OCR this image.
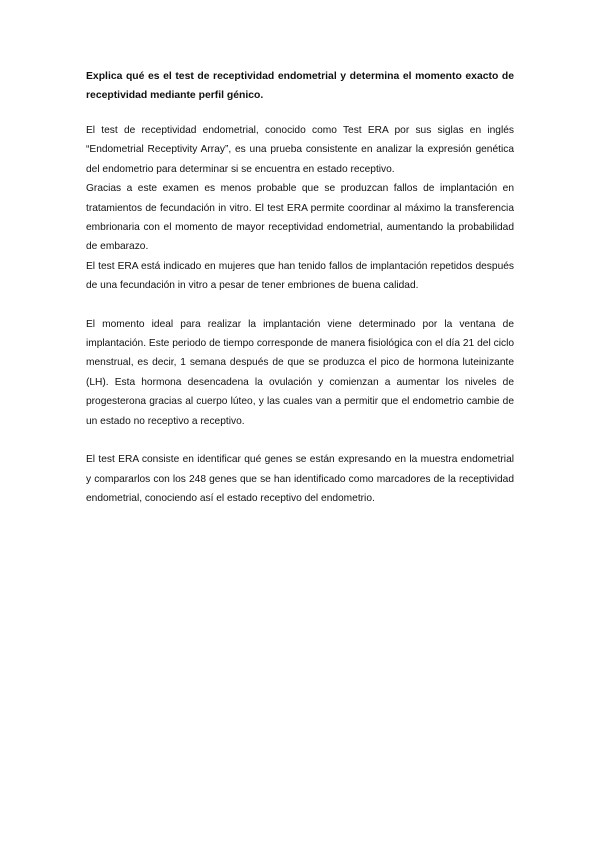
Explica qué es el test de receptividad endometrial y determina el momento exacto de receptividad mediante perfil génico.

El test de receptividad endometrial, conocido como Test ERA por sus siglas en inglés “Endometrial Receptivity Array”, es una prueba consistente en analizar la expresión genética del endometrio para determinar si se encuentra en estado receptivo.

Gracias a este examen es menos probable que se produzcan fallos de implantación en tratamientos de fecundación in vitro. El test ERA permite coordinar al máximo la transferencia embrionaria con el momento de mayor receptividad endometrial, aumentando la probabilidad de embarazo.

El test ERA está indicado en mujeres que han tenido fallos de implantación repetidos después de una fecundación in vitro a pesar de tener embriones de buena calidad.

El momento ideal para realizar la implantación viene determinado por la ventana de implantación. Este periodo de tiempo corresponde de manera fisiológica con el día 21 del ciclo menstrual, es decir, 1 semana después de que se produzca el pico de hormona luteinizante (LH). Esta hormona desencadena la ovulación y comienzan a aumentar los niveles de progesterona gracias al cuerpo lúteo, y las cuales van a permitir que el endometrio cambie de un estado no receptivo a receptivo.

El test ERA consiste en identificar qué genes se están expresando en la muestra endometrial y compararlos con los 248 genes que se han identificado como marcadores de la receptividad endometrial, conociendo así el estado receptivo del endometrio.
